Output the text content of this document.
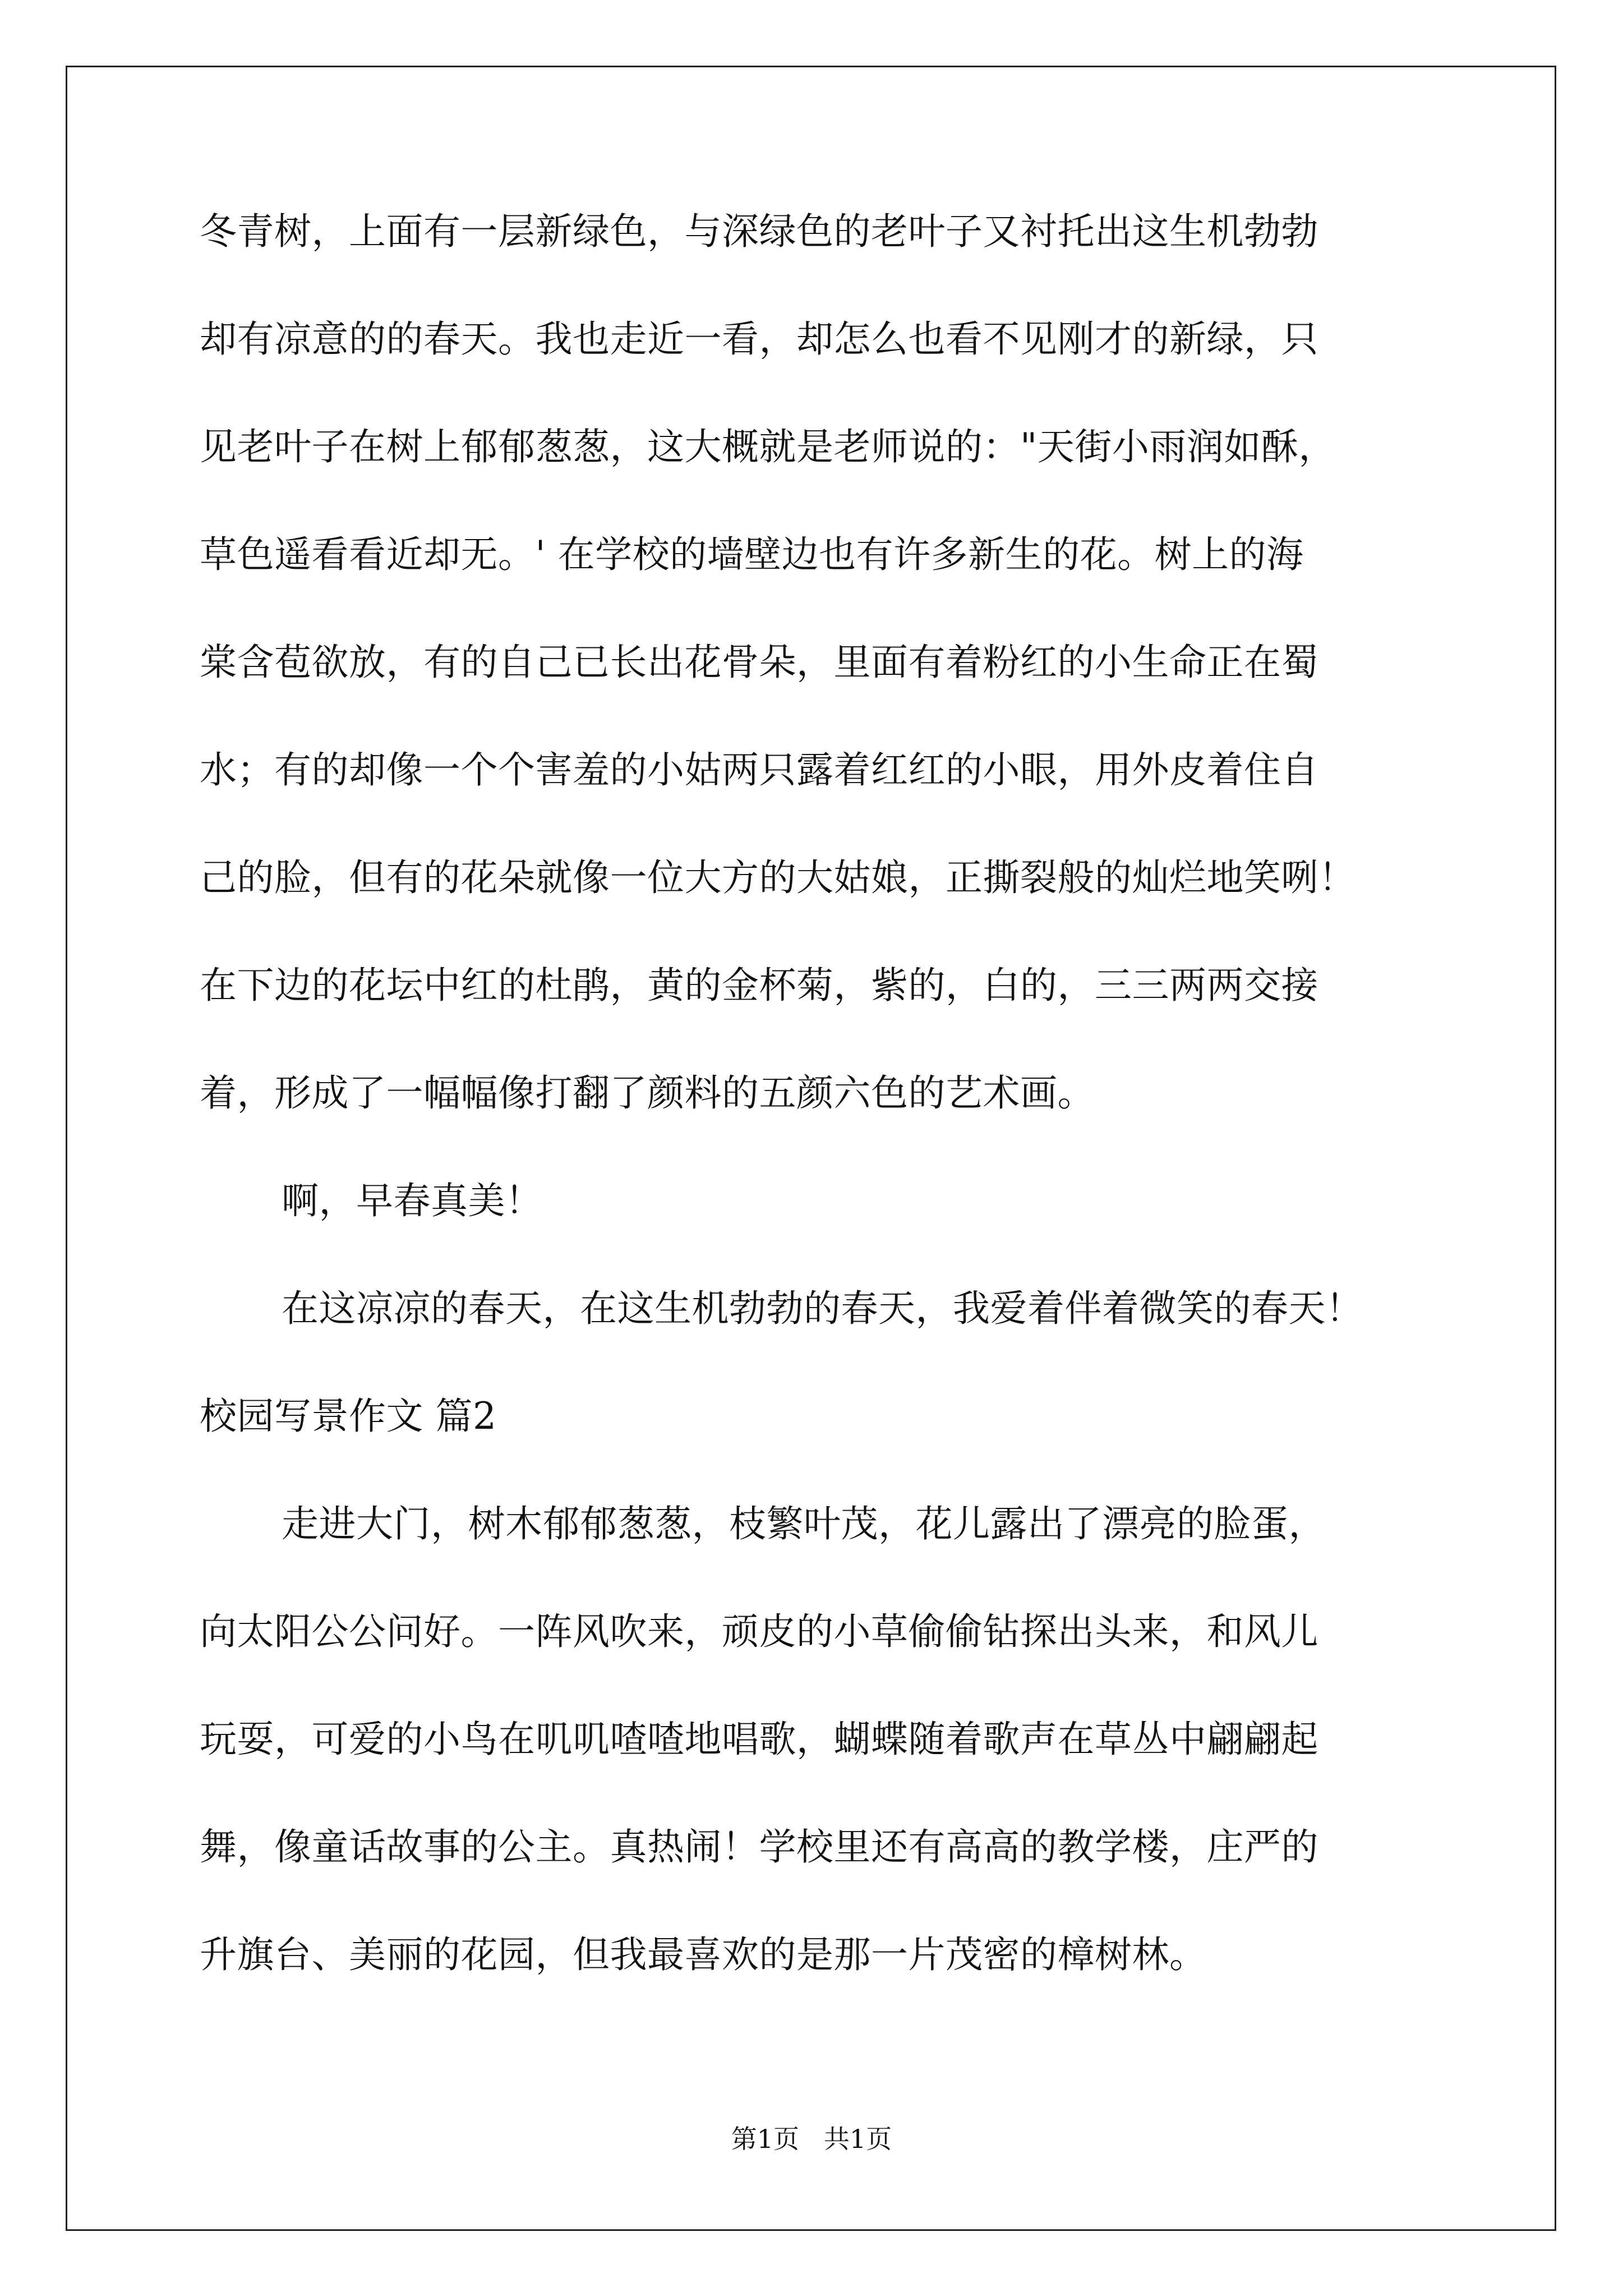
冬青树，上面有一层新绿色，与深绿色的老叶子又衬托出这生机勃勃
却有凉意的的春天。我也走近一看，却怎么也看不见刚才的新绿，只
见老叶子在树上郁郁葱葱，这大概就是老师说的："天街小雨润如酥，
草色遥看看近却无。' 在学校的墙壁边也有许多新生的花。树上的海
棠含苞欲放，有的自己已长出花骨朵，里面有着粉红的小生命正在蜀
水；有的却像一个个害羞的小姑两只露着红红的小眼，用外皮着住自
己的脸，但有的花朵就像一位大方的大姑娘，正撕裂般的灿烂地笑咧！
在下边的花坛中红的杜鹃，黄的金杯菊，紫的，白的，三三两两交接
着，形成了一幅幅像打翻了颜料的五颜六色的艺术画。
啊，早春真美！
在这凉凉的春天，在这生机勃勃的春天，我爱着伴着微笑的春天！
校园写景作文 篇2
走进大门，树木郁郁葱葱，枝繁叶茂，花儿露出了漂亮的脸蛋，
向太阳公公问好。一阵风吹来，顽皮的小草偷偷钻探出头来，和风儿
玩耍，可爱的小鸟在叽叽喳喳地唱歌，蝴蝶随着歌声在草丛中翩翩起
舞，像童话故事的公主。真热闹！学校里还有高高的教学楼，庄严的
升旗台、美丽的花园，但我最喜欢的是那一片茂密的樟树林。
第1页   共1页
